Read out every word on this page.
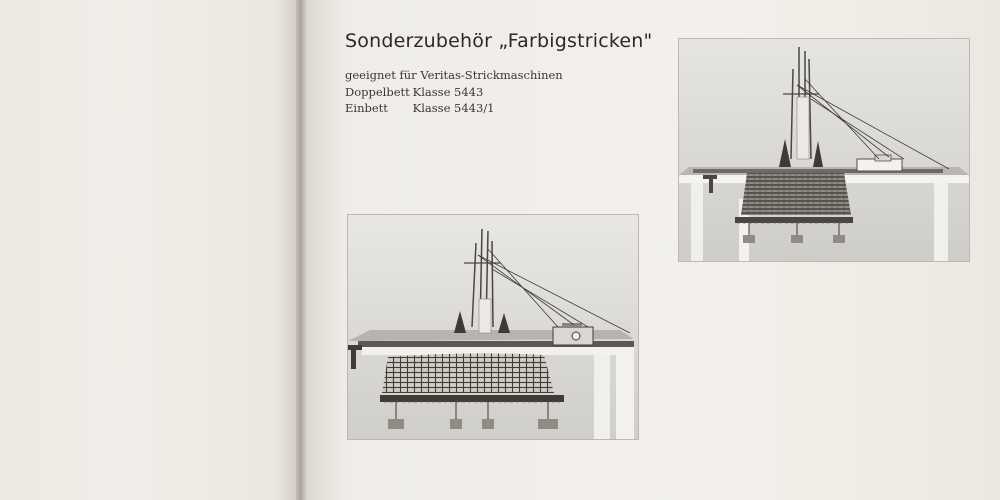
Sonderzubehör „Farbigstricken"
geeignet für Veritas-Strickmaschinen
Doppelbett Klasse 5443
Einbett Klasse 5443/1
